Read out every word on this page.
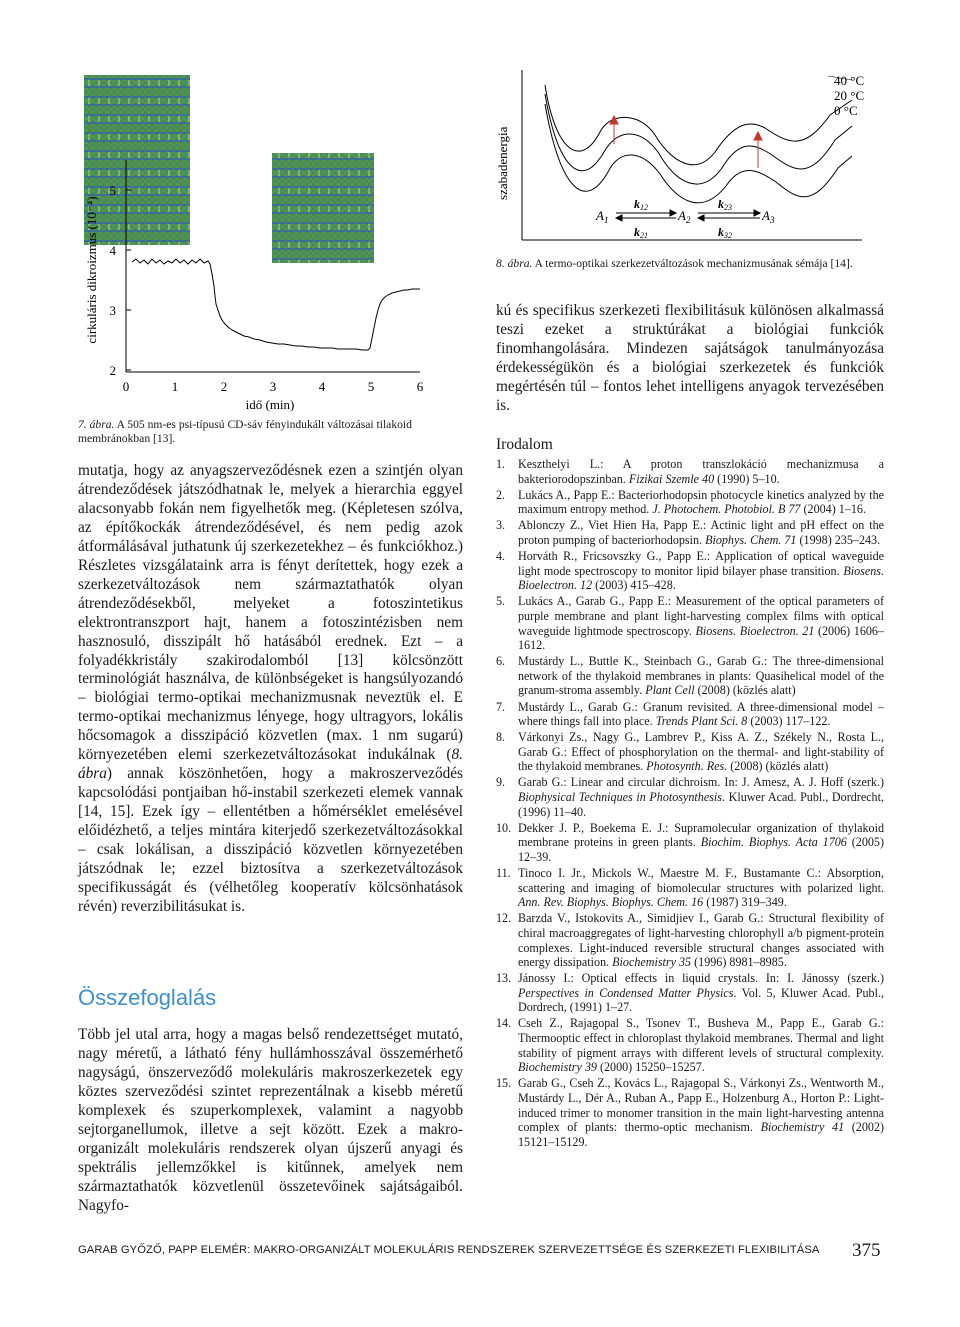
5
4
3
2
0	1	2	3	4	5	6
idő (min)
cirkuláris dikroizmus (10⁻⁴)
7. ábra. A 505 nm-es psi-típusú CD-sáv fényindukált változásai tilakoid membránokban [13].
szabadenergia
40 °C
20 °C
0 °C
$A_1$	$A_2$	$A_3$
k12
k21
k23
k32
8. ábra. A termo-optikai szerkezetváltozások mechanizmusának sémája [14].

mutatja, hogy az anyagszerveződésnek ezen a szintjén olyan átrendeződések játszódhatnak le, melyek a hierarchia eggyel alacsonyabb fokán nem figyelhetők meg. (Képletesen szólva, az építőkockák átrendeződésével, és nem pedig azok átformálásával juthatunk új szerkezetekhez – és funkciókhoz.) Részletes vizsgálataink arra is fényt derítettek, hogy ezek a szerkezetváltozások nem származtathatók olyan átrendeződésekből, melyeket a fotoszintetikus elektrontranszport hajt, hanem a fotoszintézisben nem hasznosuló, disszipált hő hatásából erednek. Ezt – a folyadékkristály szakirodalomból [13] kölcsönzött terminológiát használva, de különbségeket is hangsúlyozandó – biológiai termo-optikai mechanizmusnak neveztük el. E termo-optikai mechanizmus lényege, hogy ultragyors, lokális hőcsomagok a disszipáció közvetlen (max. 1 nm sugarú) környezetében elemi szerkezetváltozásokat indukálnak (8. ábra) annak köszönhetően, hogy a makroszerveződés kapcsolódási pontjaiban hő-instabil szerkezeti elemek vannak [14, 15]. Ezek így – ellentétben a hőmérséklet emelésével előidézhető, a teljes mintára kiterjedő szerkezetváltozásokkal – csak lokálisan, a disszipáció közvetlen környezetében játszódnak le; ezzel biztosítva a szerkezetváltozások specifikusságát és (vélhetőleg kooperatív kölcsönhatások révén) reverzibilitásukat is.

Összefoglalás

Több jel utal arra, hogy a magas belső rendezettséget mutató, nagy méretű, a látható fény hullámhosszával összemérhető nagyságú, önszerveződő molekuláris makroszerkezetek egy köztes szerveződési szintet reprezentálnak a kisebb méretű komplexek és szuperkomplexek, valamint a nagyobb sejtorganellumok, illetve a sejt között. Ezek a makro-organizált molekuláris rendszerek olyan újszerű anyagi és spektrális jellemzőkkel is kitűnnek, amelyek nem származtathatók közvetlenül összetevőinek sajátságaiból. Nagyfo-

kú és specifikus szerkezeti flexibilitásuk különösen alkalmassá teszi ezeket a struktúrákat a biológiai funkciók finomhangolására. Mindezen sajátságok tanulmányozása érdekességükön és a biológiai szerkezetek és funkciók megértésén túl – fontos lehet intelligens anyagok tervezésében is.

Irodalom
1. Keszthelyi L.: A proton transzlokáció mechanizmusa a bakteriorodopszinban. Fizikai Szemle 40 (1990) 5–10.
2. Lukács A., Papp E.: Bacteriorhodopsin photocycle kinetics analyzed by the maximum entropy method. J. Photochem. Photobiol. B 77 (2004) 1–16.
3. Ablonczy Z., Viet Hien Ha, Papp E.: Actinic light and pH effect on the proton pumping of bacteriorhodopsin. Biophys. Chem. 71 (1998) 235–243.
4. Horváth R., Fricsovszky G., Papp E.: Application of optical waveguide light mode spectroscopy to monitor lipid bilayer phase transition. Biosens. Bioelectron. 12 (2003) 415–428.
5. Lukács A., Garab G., Papp E.: Measurement of the optical parameters of purple membrane and plant light-harvesting complex films with optical waveguide lightmode spectroscopy. Biosens. Bioelectron. 21 (2006) 1606–1612.
6. Mustárdy L., Buttle K., Steinbach G., Garab G.: The three-dimensional network of the thylakoid membranes in plants: Quasihelical model of the granum-stroma assembly. Plant Cell (2008) (közlés alatt)
7. Mustárdy L., Garab G.: Granum revisited. A three-dimensional model – where things fall into place. Trends Plant Sci. 8 (2003) 117–122.
8. Várkonyi Zs., Nagy G., Lambrev P., Kiss A. Z., Székely N., Rosta L., Garab G.: Effect of phosphorylation on the thermal- and light-stability of the thylakoid membranes. Photosynth. Res. (2008) (közlés alatt)
9. Garab G.: Linear and circular dichroism. In: J. Amesz, A. J. Hoff (szerk.) Biophysical Techniques in Photosynthesis. Kluwer Acad. Publ., Dordrecht, (1996) 11–40.
10. Dekker J. P., Boekema E. J.: Supramolecular organization of thylakoid membrane proteins in green plants. Biochim. Biophys. Acta 1706 (2005) 12–39.
11. Tinoco I. Jr., Mickols W., Maestre M. F., Bustamante C.: Absorption, scattering and imaging of biomolecular structures with polarized light. Ann. Rev. Biophys. Biophys. Chem. 16 (1987) 319–349.
12. Barzda V., Istokovits A., Simidjiev I., Garab G.: Structural flexibility of chiral macroaggregates of light-harvesting chlorophyll a/b pigment-protein complexes. Light-induced reversible structural changes associated with energy dissipation. Biochemistry 35 (1996) 8981–8985.
13. Jánossy I.: Optical effects in liquid crystals. In: I. Jánossy (szerk.) Perspectives in Condensed Matter Physics. Vol. 5, Kluwer Acad. Publ., Dordrech, (1991) 1–27.
14. Cseh Z., Rajagopal S., Tsonev T., Busheva M., Papp E., Garab G.: Thermooptic effect in chloroplast thylakoid membranes. Thermal and light stability of pigment arrays with different levels of structural complexity. Biochemistry 39 (2000) 15250–15257.
15. Garab G., Cseh Z., Kovács L., Rajagopal S., Várkonyi Zs., Wentworth M., Mustárdy L., Dér A., Ruban A., Papp E., Holzenburg A., Horton P.: Light-induced trimer to monomer transition in the main light-harvesting antenna complex of plants: thermo-optic mechanism. Biochemistry 41 (2002) 15121–15129.
GARAB GYŐZŐ, PAPP ELEMÉR: MAKRO-ORGANIZÁLT MOLEKULÁRIS RENDSZEREK SZERVEZETTSÉGE ÉS SZERKEZETI FLEXIBILITÁSA	375
